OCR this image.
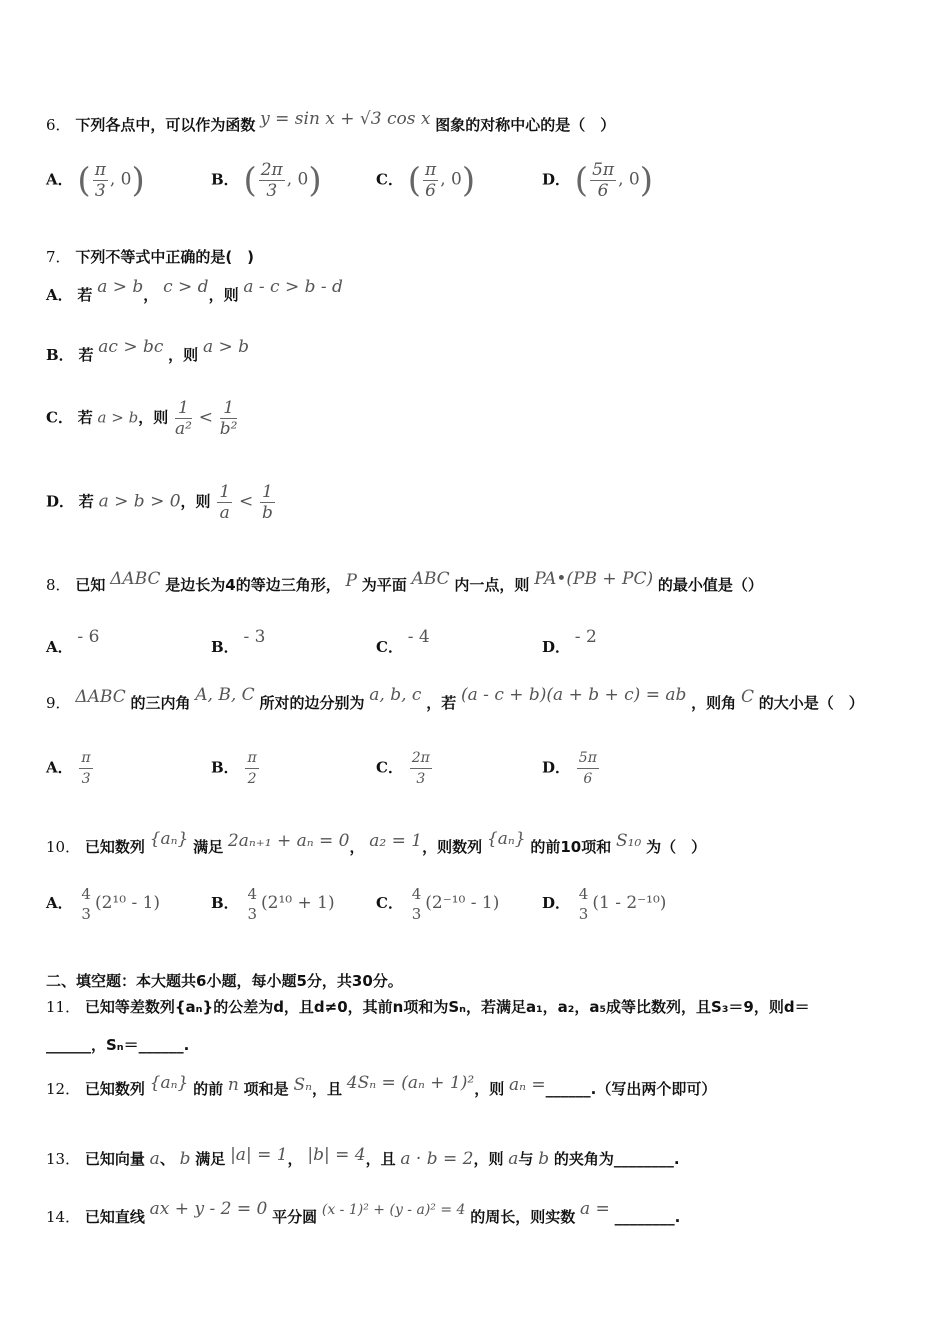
6． 下列各点中，可以作为函数 y = sin x + √3 cos x 图象的对称中心的是（　）
A． ( $\frac{\pi}{3}$ , 0)	B． ( $\frac{2\pi}{3}$ , 0)	C． ( $\frac{\pi}{6}$ , 0)	D． ( $\frac{5\pi}{6}$ , 0)
7． 下列不等式中正确的是(　)
A． 若 a > b， c > d，则 a - c > b - d
B． 若 ac > bc ，则 a > b
C． 若 a > b，则 $\frac{1}{\text{a²}} < \frac{1}{\text{b²}}$
D． 若 a > b > 0，则 $\frac{1}{a} < \frac{1}{b}$
8． 已知 ΔABC 是边长为4的等边三角形， P 为平面 ABC 内一点，则 PA•(PB + PC) 的最小值是（）
A． - 6	B． - 3	C． - 4	D． - 2
9． ΔABC 的三内角 A, B, C 所对的边分别为 a, b, c ，若 (a - c + b)(a + b + c) = ab ，则角 C 的大小是（　）
A． $\frac{\pi}{3}$	B． $\frac{\pi}{2}$	C． $\frac{2\pi}{3}$	D． $\frac{5\pi}{6}$
10． 已知数列 {aₙ} 满足 2aₙ₊₁ + aₙ = 0， a₂ = 1，则数列 {aₙ} 的前10项和 S₁₀ 为（　）
A． 4
3
(2¹⁰ - 1)	B． 4
3
(2¹⁰ + 1)	C． 4
3
(2⁻¹⁰ - 1)	D． 4
3
(1 - 2⁻¹⁰)
二、填空题：本大题共6小题，每小题5分，共30分。
11． 已知等差数列{aₙ}的公差为d，且d≠0，其前n项和为Sₙ，若满足a₁，a₂，a₅成等比数列，且S₃＝9，则d＝
______，Sₙ＝______.
12． 已知数列 {aₙ} 的前 n 项和是 Sₙ，且 4Sₙ = (aₙ + 1)²，则 aₙ =______.（写出两个即可）
13． 已知向量 a、 b 满足 |a| = 1， |b| = 4，且 a · b = 2，则 a与 b 的夹角为________.
14． 已知直线 ax + y - 2 = 0 平分圆 (x - 1)² + (y - a)² = 4 的周长，则实数 a = ________.
